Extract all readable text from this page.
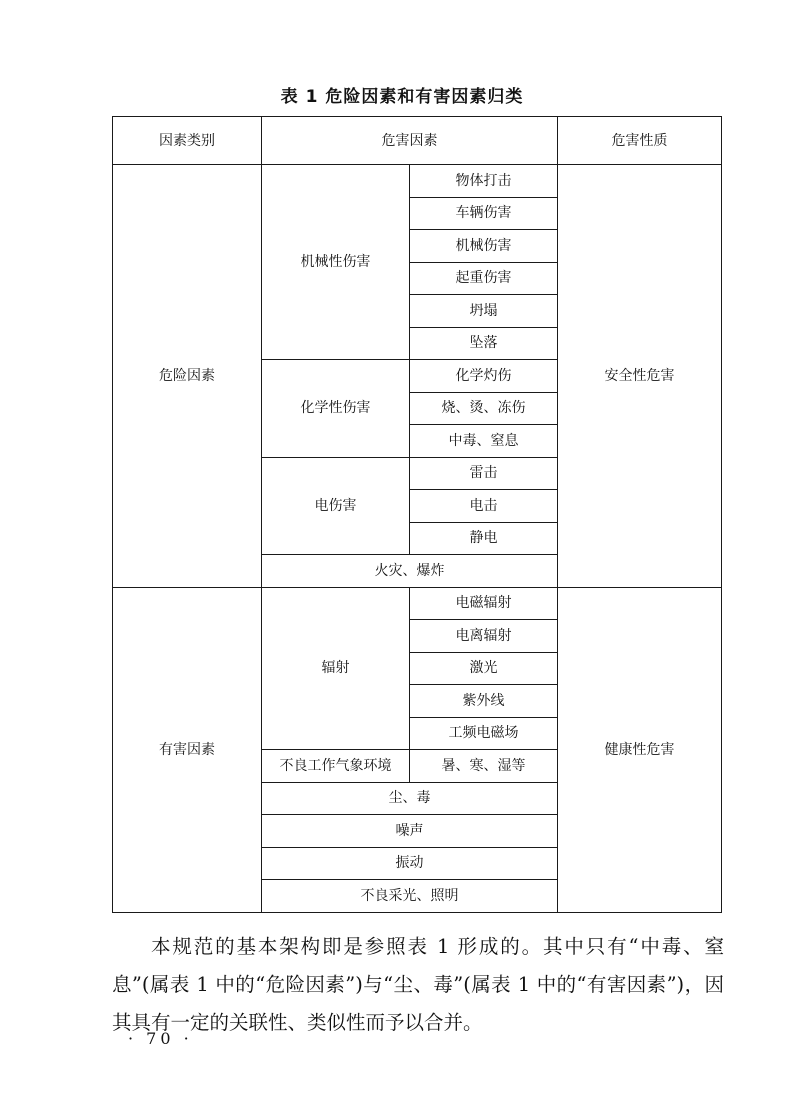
表 1 危险因素和有害因素归类
因素类别	危害因素		危害性质
危险因素	机械性伤害	物体打击	安全性危害
		车辆伤害	
		机械伤害	
		起重伤害	
		坍塌	
		坠落	
	化学性伤害	化学灼伤	
		烧、烫、冻伤	
		中毒、窒息	
	电伤害	雷击	
		电击	
		静电	
	火灾、爆炸		
有害因素	辐射	电磁辐射	健康性危害
		电离辐射	
		激光	
		紫外线	
		工频电磁场	
	不良工作气象环境	暑、寒、湿等	
	尘、毒		
	噪声		
	振动		
	不良采光、照明		

本规范的基本架构即是参照表 1 形成的。其中只有“中毒、窒息”(属表 1 中的“危险因素”)与“尘、毒”(属表 1 中的“有害因素”)，因其具有一定的关联性、类似性而予以合并。

· 70 ·
